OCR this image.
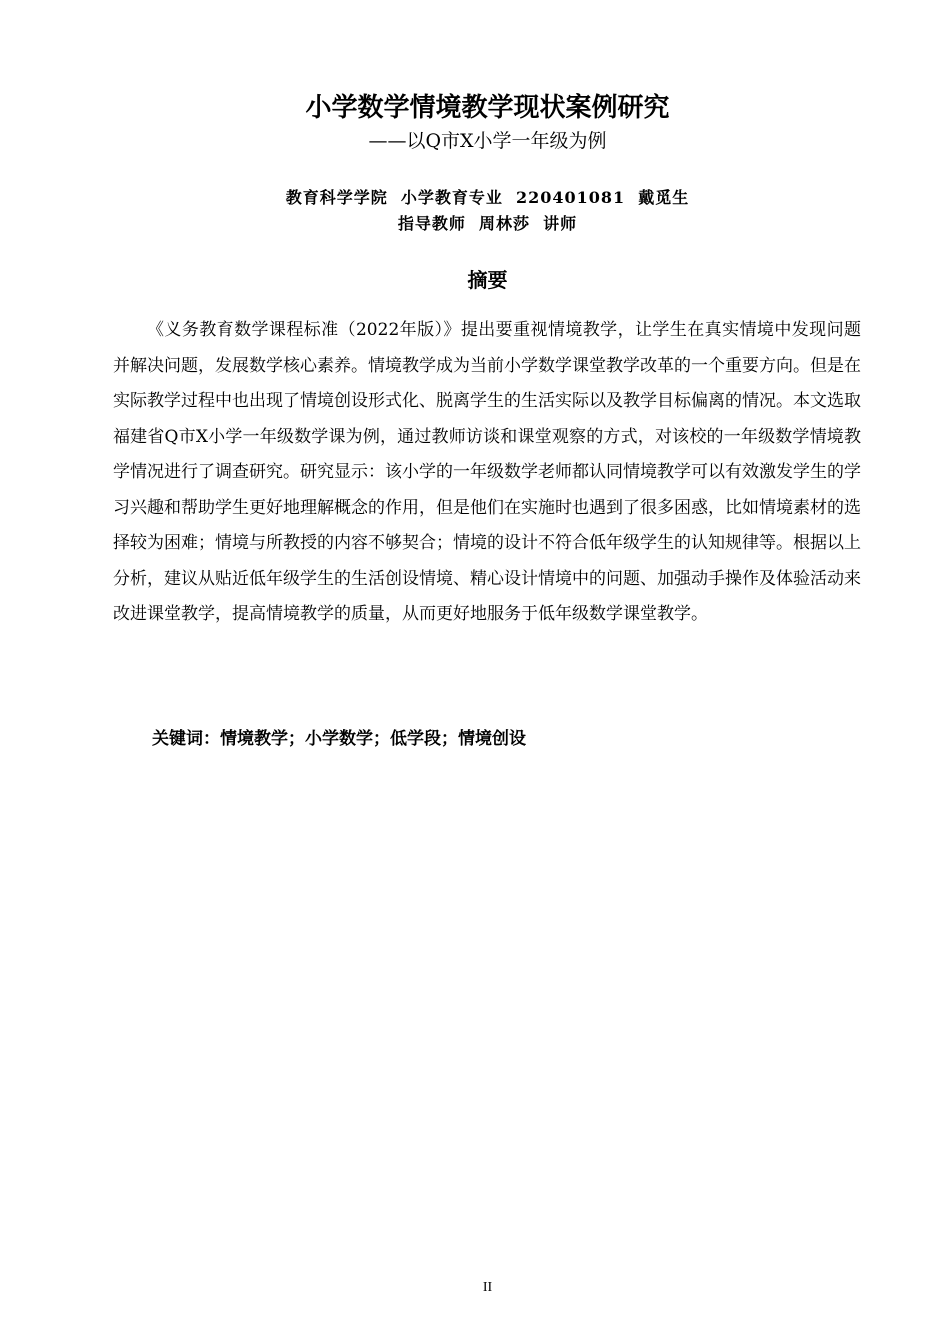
小学数学情境教学现状案例研究
——以Q市X小学一年级为例
教育科学学院  小学教育专业  220401081  戴觅生
指导教师  周林莎  讲师
摘要

《义务教育数学课程标准（2022年版）》提出要重视情境教学，让学生在真实情境中发现问题并解决问题，发展数学核心素养。情境教学成为当前小学数学课堂教学改革的一个重要方向。但是在实际教学过程中也出现了情境创设形式化、脱离学生的生活实际以及教学目标偏离的情况。本文选取福建省Q市X小学一年级数学课为例，通过教师访谈和课堂观察的方式，对该校的一年级数学情境教学情况进行了调查研究。研究显示：该小学的一年级数学老师都认同情境教学可以有效激发学生的学习兴趣和帮助学生更好地理解概念的作用，但是他们在实施时也遇到了很多困惑，比如情境素材的选择较为困难；情境与所教授的内容不够契合；情境的设计不符合低年级学生的认知规律等。根据以上分析，建议从贴近低年级学生的生活创设情境、精心设计情境中的问题、加强动手操作及体验活动来改进课堂教学，提高情境教学的质量，从而更好地服务于低年级数学课堂教学。

关键词：情境教学；小学数学；低学段；情境创设
II
